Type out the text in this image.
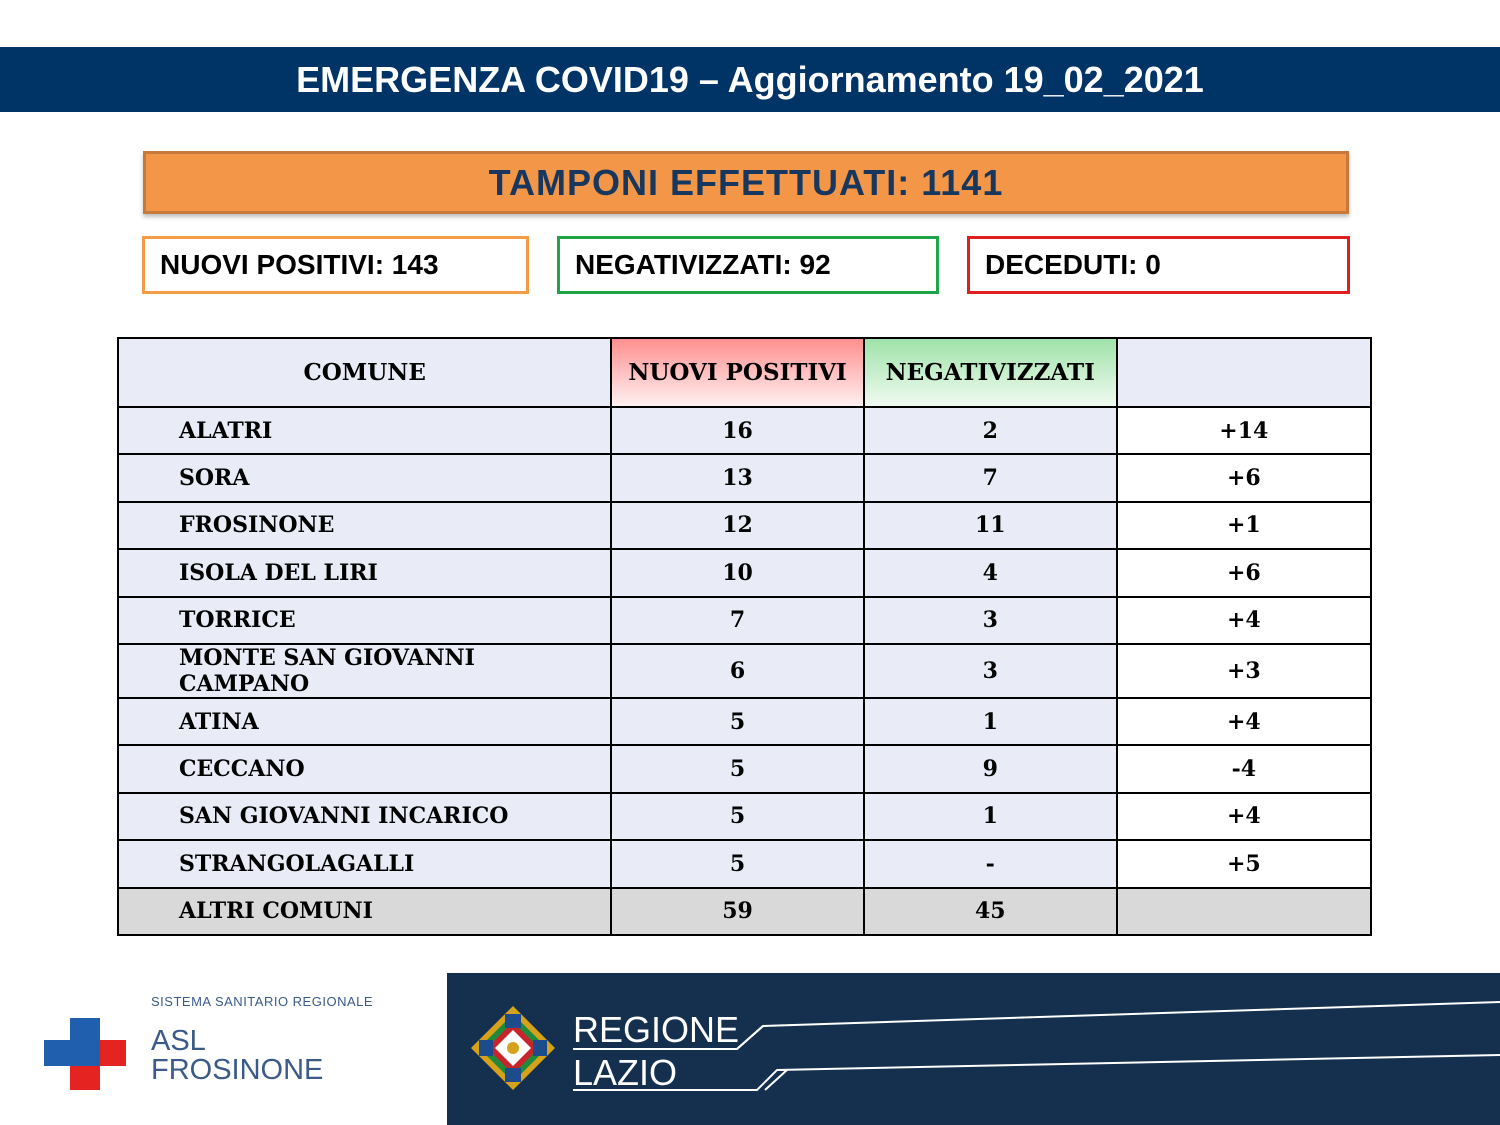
EMERGENZA COVID19 – Aggiornamento 19_02_2021
TAMPONI EFFETTUATI: 1141
NUOVI POSITIVI: 143	NEGATIVIZZATI: 92	DECEDUTI: 0
COMUNE	NUOVI POSITIVI	NEGATIVIZZATI	
ALATRI	16	2	+14
SORA	13	7	+6
FROSINONE	12	11	+1
ISOLA DEL LIRI	10	4	+6
TORRICE	7	3	+4
MONTE SAN GIOVANNI CAMPANO	6	3	+3
ATINA	5	1	+4
CECCANO	5	9	-4
SAN GIOVANNI INCARICO	5	1	+4
STRANGOLAGALLI	5	-	+5
ALTRI COMUNI	59	45	
SISTEMA SANITARIO REGIONALE
ASL
FROSINONE
REGIONE
LAZIO
